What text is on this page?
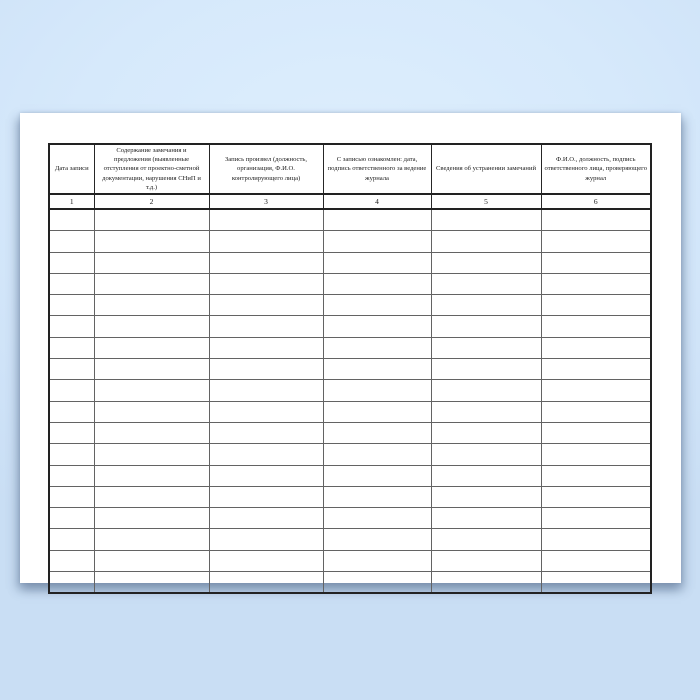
Дата записи	Содержание замечания и предложения (выявленные отступления от проектно-сметной документации, нарушения СНиП и т.д.)	Запись произвел (должность, организация, Ф.И.О. контролирующего лица)	С записью ознакомлен: дата, подпись ответственного за ведение журнала	Сведения об устранении замечаний	Ф.И.О., должность, подпись ответственного лица, проверяющего журнал
1	2	3	4	5	6
